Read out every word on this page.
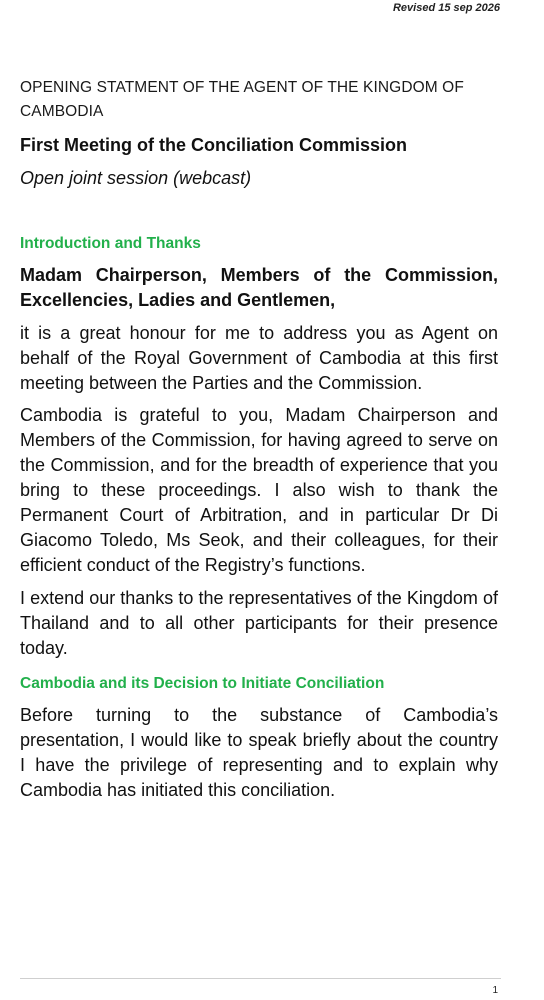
Revised 15 sep 2026
OPENING STATMENT OF THE AGENT OF THE KINGDOM OF CAMBODIA
First Meeting of the Conciliation Commission
Open joint session (webcast)
Introduction and Thanks
Madam Chairperson, Members of the Commission, Excellencies, Ladies and Gentlemen,
it is a great honour for me to address you as Agent on behalf of the Royal Government of Cambodia at this first meeting between the Parties and the Commission.
Cambodia is grateful to you, Madam Chairperson and Members of the Commission, for having agreed to serve on the Commission, and for the breadth of experience that you bring to these proceedings. I also wish to thank the Permanent Court of Arbitration, and in particular Dr Di Giacomo Toledo, Ms Seok, and their colleagues, for their efficient conduct of the Registry’s functions.
I extend our thanks to the representatives of the Kingdom of Thailand and to all other participants for their presence today.
Cambodia and its Decision to Initiate Conciliation
Before turning to the substance of Cambodia’s presentation, I would like to speak briefly about the country I have the privilege of representing and to explain why Cambodia has initiated this conciliation.
1
